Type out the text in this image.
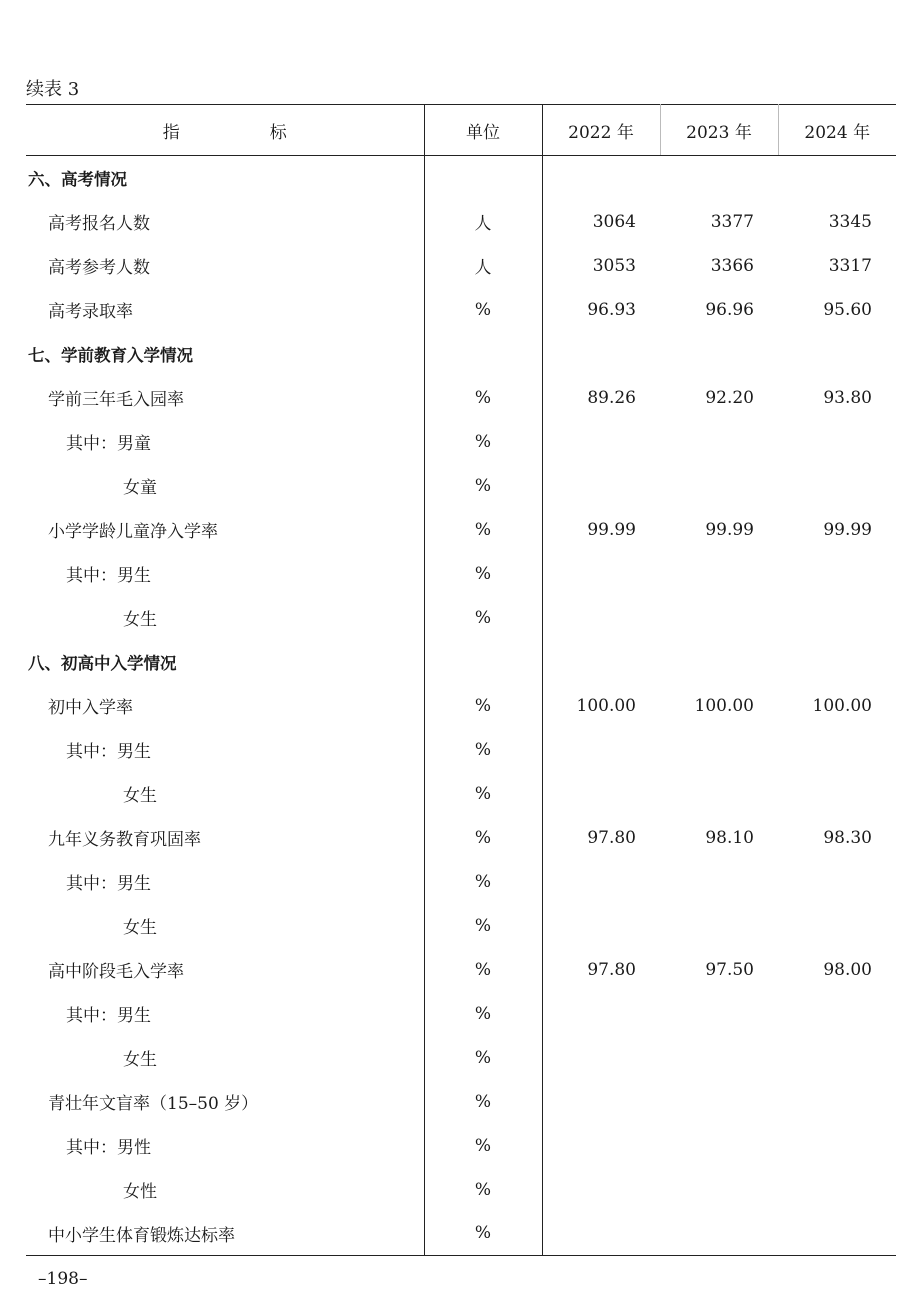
续表 3
指 标	单位	2022 年	2023 年	2024 年
六、高考情况				
高考报名人数	人	3064	3377	3345
高考参考人数	人	3053	3366	3317
高考录取率	%	96.93	96.96	95.60
七、学前教育入学情况				
学前三年毛入园率	%	89.26	92.20	93.80
其中：男童	%			
女童	%			
小学学龄儿童净入学率	%	99.99	99.99	99.99
其中：男生	%			
女生	%			
八、初高中入学情况				
初中入学率	%	100.00	100.00	100.00
其中：男生	%			
女生	%			
九年义务教育巩固率	%	97.80	98.10	98.30
其中：男生	%			
女生	%			
高中阶段毛入学率	%	97.80	97.50	98.00
其中：男生	%			
女生	%			
青壮年文盲率（15–50 岁）	%			
其中：男性	%			
女性	%			
中小学生体育锻炼达标率	%			
–198–
